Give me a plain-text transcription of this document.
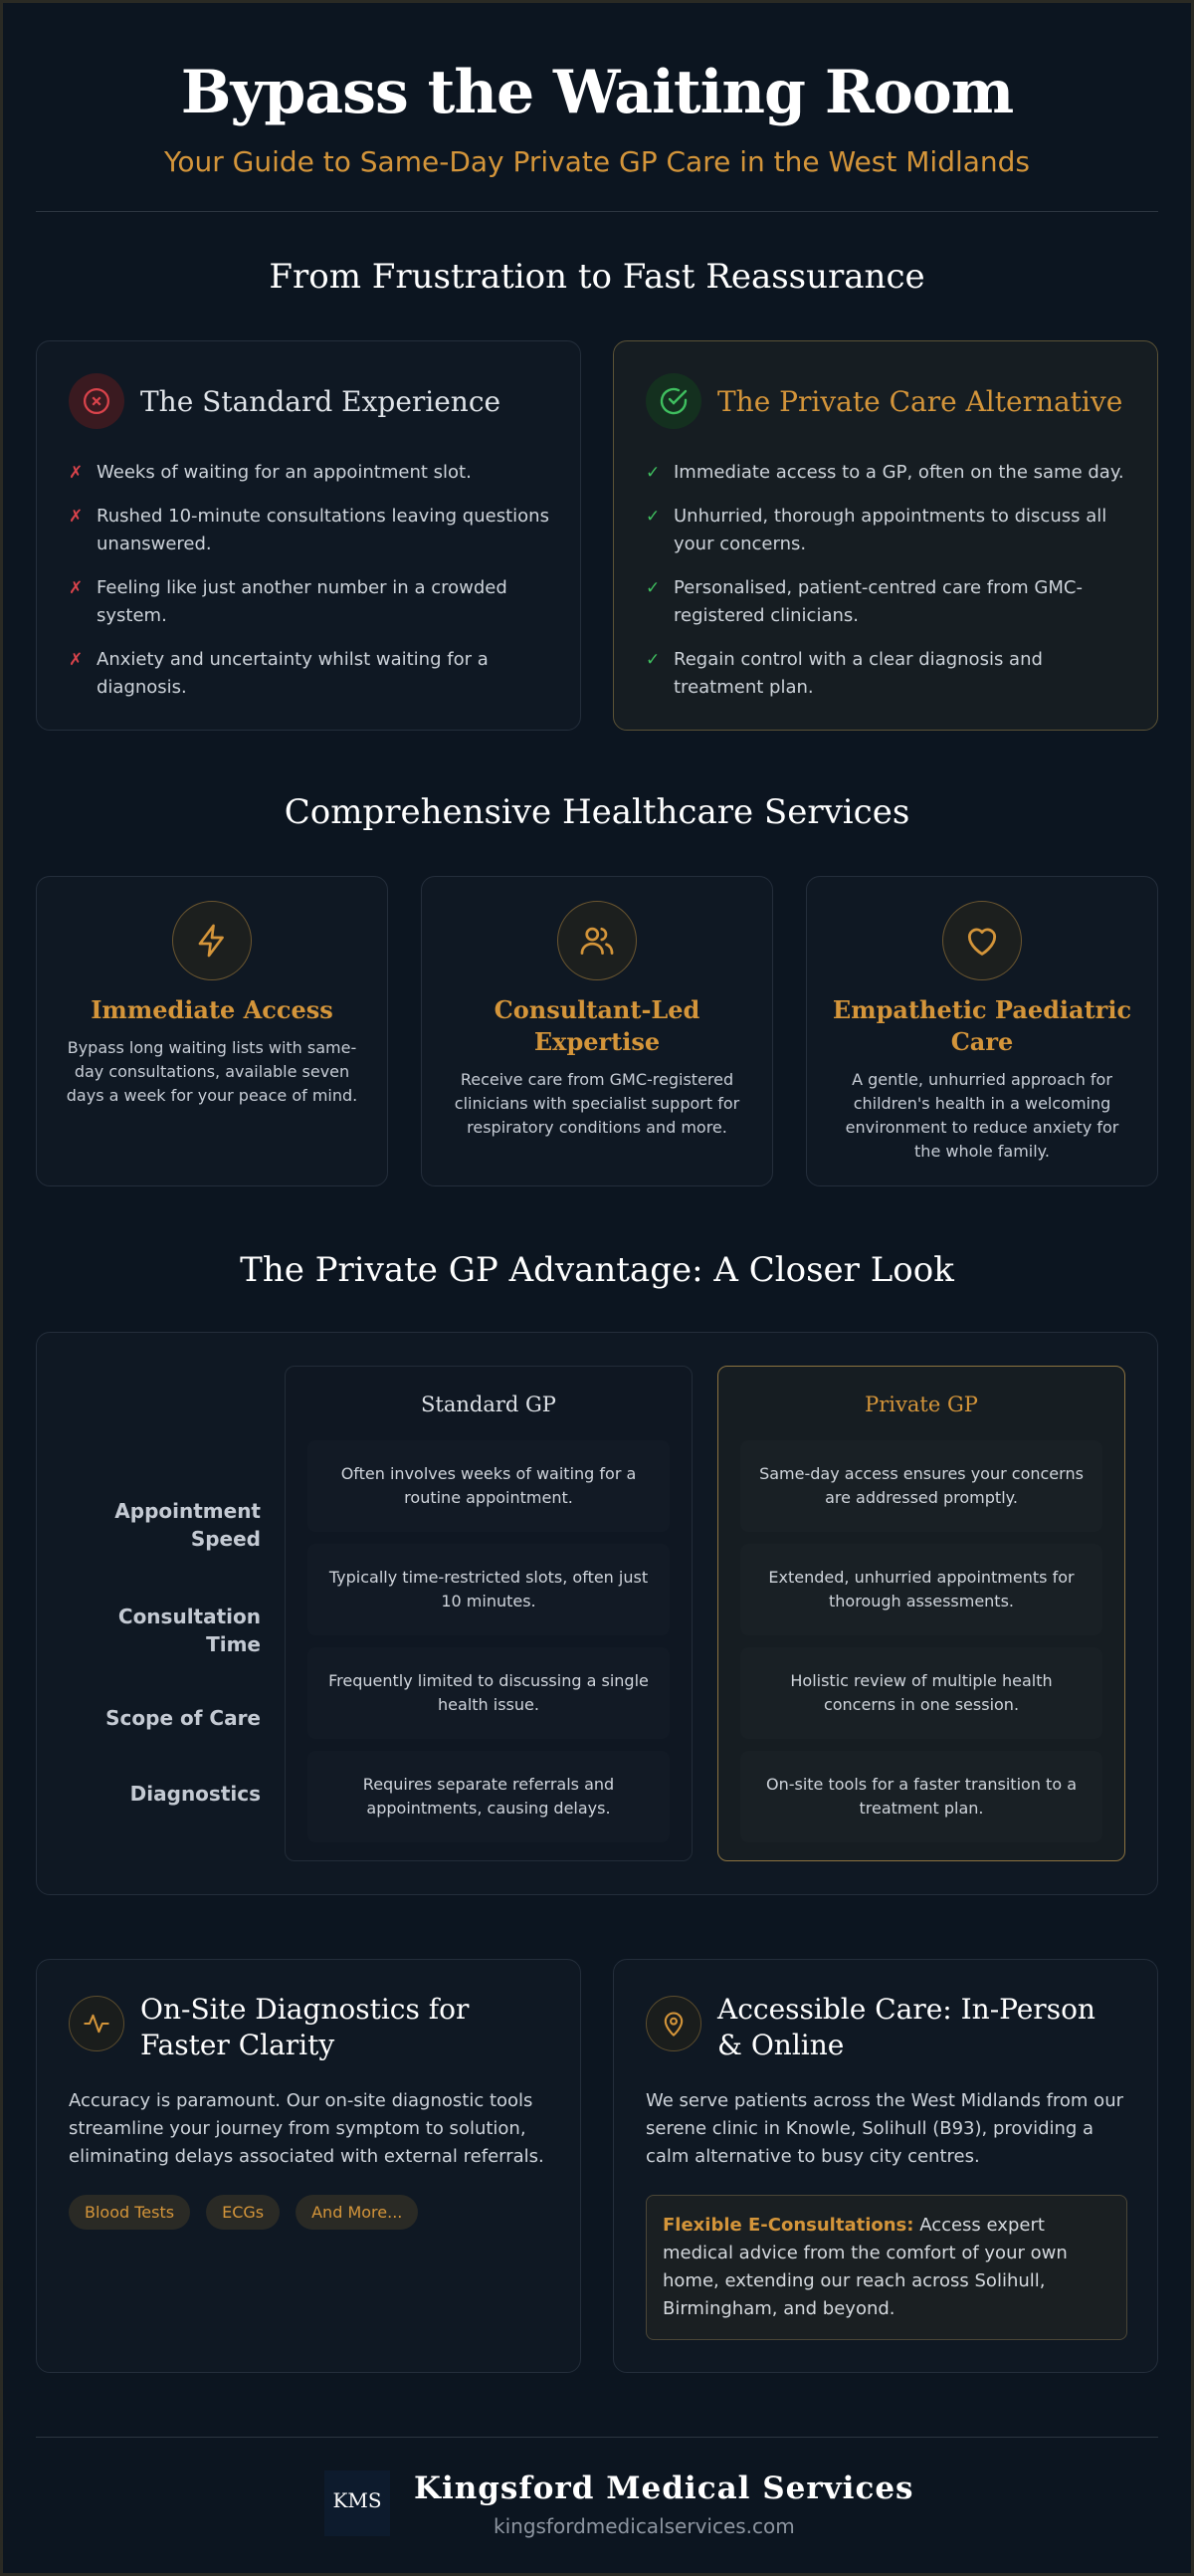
Bypass the Waiting Room
Your Guide to Same-Day Private GP Care in the West Midlands
From Frustration to Fast Reassurance
The Standard Experience
✗ Weeks of waiting for an appointment slot.
✗ Rushed 10-minute consultations leaving questions unanswered.
✗ Feeling like just another number in a crowded system.
✗ Anxiety and uncertainty whilst waiting for a diagnosis.
The Private Care Alternative
✓ Immediate access to a GP, often on the same day.
✓ Unhurried, thorough appointments to discuss all your concerns.
✓ Personalised, patient-centred care from GMC-registered clinicians.
✓ Regain control with a clear diagnosis and treatment plan.
Comprehensive Healthcare Services
Immediate Access
Bypass long waiting lists with same-day consultations, available seven days a week for your peace of mind.
Consultant-Led Expertise
Receive care from GMC-registered clinicians with specialist support for respiratory conditions and more.
Empathetic Paediatric Care
A gentle, unhurried approach for children's health in a welcoming environment to reduce anxiety for the whole family.
The Private GP Advantage: A Closer Look
Appointment Speed
Consultation Time
Scope of Care
Diagnostics
Standard GP
Often involves weeks of waiting for a routine appointment.
Typically time-restricted slots, often just 10 minutes.
Frequently limited to discussing a single health issue.
Requires separate referrals and appointments, causing delays.
Private GP
Same-day access ensures your concerns are addressed promptly.
Extended, unhurried appointments for thorough assessments.
Holistic review of multiple health concerns in one session.
On-site tools for a faster transition to a treatment plan.
On-Site Diagnostics for Faster Clarity
Accuracy is paramount. Our on-site diagnostic tools streamline your journey from symptom to solution, eliminating delays associated with external referrals.
Blood Tests	ECGs	And More...
Accessible Care: In-Person & Online
We serve patients across the West Midlands from our serene clinic in Knowle, Solihull (B93), providing a calm alternative to busy city centres.
Flexible E-Consultations: Access expert medical advice from the comfort of your own home, extending our reach across Solihull, Birmingham, and beyond.
KMS
Kingsford Medical Services
kingsfordmedicalservices.com
